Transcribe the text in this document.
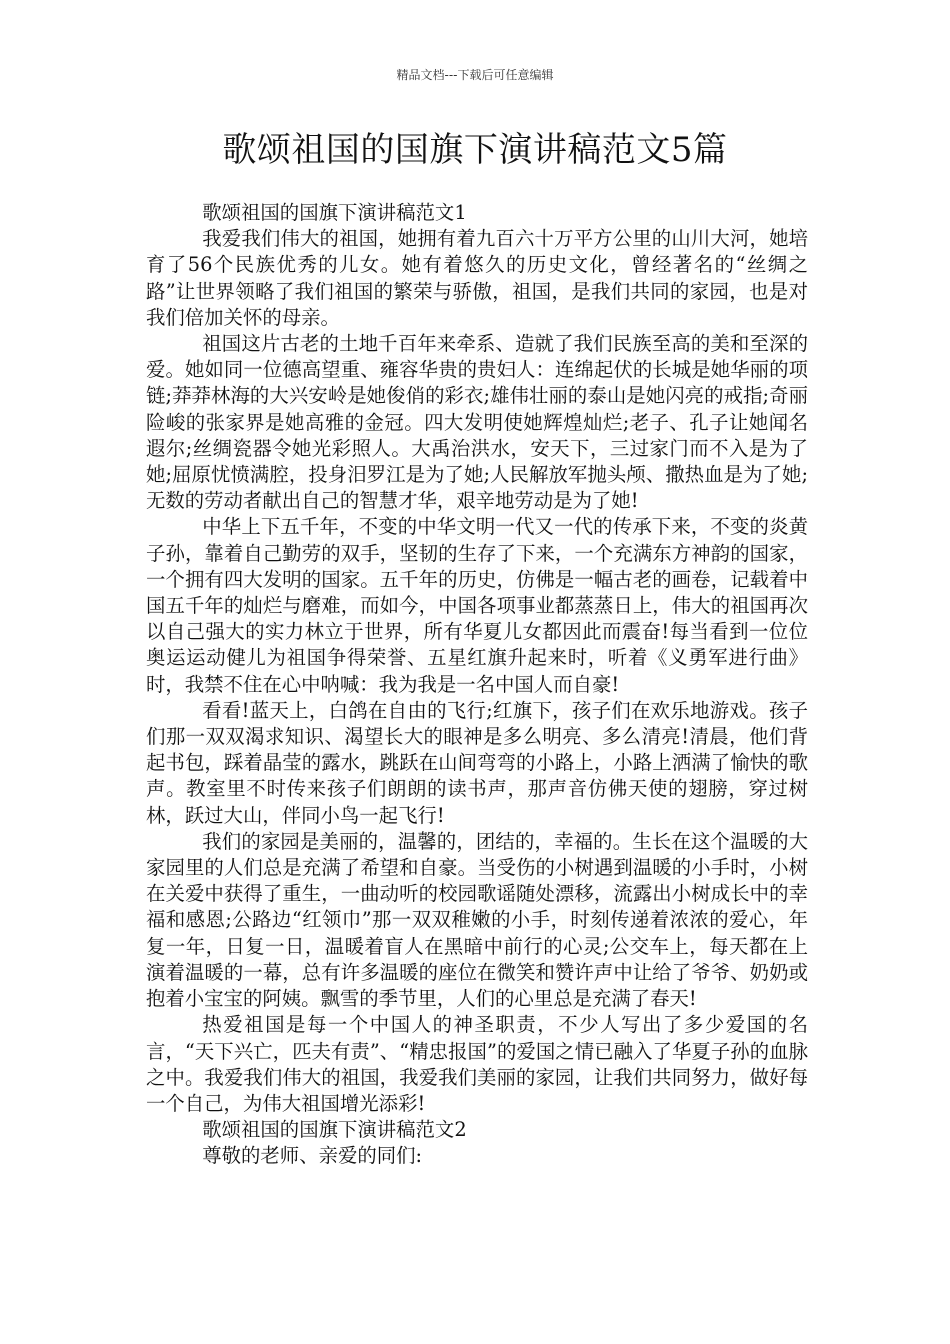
精品文档---下载后可任意编辑
歌颂祖国的国旗下演讲稿范文5篇

歌颂祖国的国旗下演讲稿范文1

我爱我们伟大的祖国，她拥有着九百六十万平方公里的山川大河，她培育了56个民族优秀的儿女。她有着悠久的历史文化，曾经著名的“丝绸之路”让世界领略了我们祖国的繁荣与骄傲，祖国，是我们共同的家园，也是对我们倍加关怀的母亲。

祖国这片古老的土地千百年来牵系、造就了我们民族至高的美和至深的爱。她如同一位德高望重、雍容华贵的贵妇人：连绵起伏的长城是她华丽的项链;莽莽林海的大兴安岭是她俊俏的彩衣;雄伟壮丽的泰山是她闪亮的戒指;奇丽险峻的张家界是她高雅的金冠。四大发明使她辉煌灿烂;老子、孔子让她闻名遐尔;丝绸瓷器令她光彩照人。大禹治洪水，安天下，三过家门而不入是为了她;屈原忧愤满腔，投身汨罗江是为了她;人民解放军抛头颅、撒热血是为了她;无数的劳动者献出自己的智慧才华，艰辛地劳动是为了她!

中华上下五千年，不变的中华文明一代又一代的传承下来，不变的炎黄子孙，靠着自己勤劳的双手，坚韧的生存了下来，一个充满东方神韵的国家，一个拥有四大发明的国家。五千年的历史，仿佛是一幅古老的画卷，记载着中国五千年的灿烂与磨难，而如今，中国各项事业都蒸蒸日上，伟大的祖国再次以自己强大的实力林立于世界，所有华夏儿女都因此而震奋!每当看到一位位奥运运动健儿为祖国争得荣誉、五星红旗升起来时，听着《义勇军进行曲》时，我禁不住在心中呐喊：我为我是一名中国人而自豪!

看看!蓝天上，白鸽在自由的飞行;红旗下，孩子们在欢乐地游戏。孩子们那一双双渴求知识、渴望长大的眼神是多么明亮、多么清亮!清晨，他们背起书包，踩着晶莹的露水，跳跃在山间弯弯的小路上，小路上洒满了愉快的歌声。教室里不时传来孩子们朗朗的读书声，那声音仿佛天使的翅膀，穿过树林，跃过大山，伴同小鸟一起飞行!

我们的家园是美丽的，温馨的，团结的，幸福的。生长在这个温暖的大家园里的人们总是充满了希望和自豪。当受伤的小树遇到温暖的小手时，小树在关爱中获得了重生，一曲动听的校园歌谣随处漂移，流露出小树成长中的幸福和感恩;公路边“红领巾”那一双双稚嫩的小手，时刻传递着浓浓的爱心，年复一年，日复一日，温暖着盲人在黑暗中前行的心灵;公交车上，每天都在上演着温暖的一幕，总有许多温暖的座位在微笑和赞许声中让给了爷爷、奶奶或抱着小宝宝的阿姨。飘雪的季节里，人们的心里总是充满了春天!

热爱祖国是每一个中国人的神圣职责，不少人写出了多少爱国的名言，“天下兴亡，匹夫有责”、“精忠报国”的爱国之情已融入了华夏子孙的血脉之中。我爱我们伟大的祖国，我爱我们美丽的家园，让我们共同努力，做好每一个自己，为伟大祖国增光添彩!

歌颂祖国的国旗下演讲稿范文2

尊敬的老师、亲爱的同们:
